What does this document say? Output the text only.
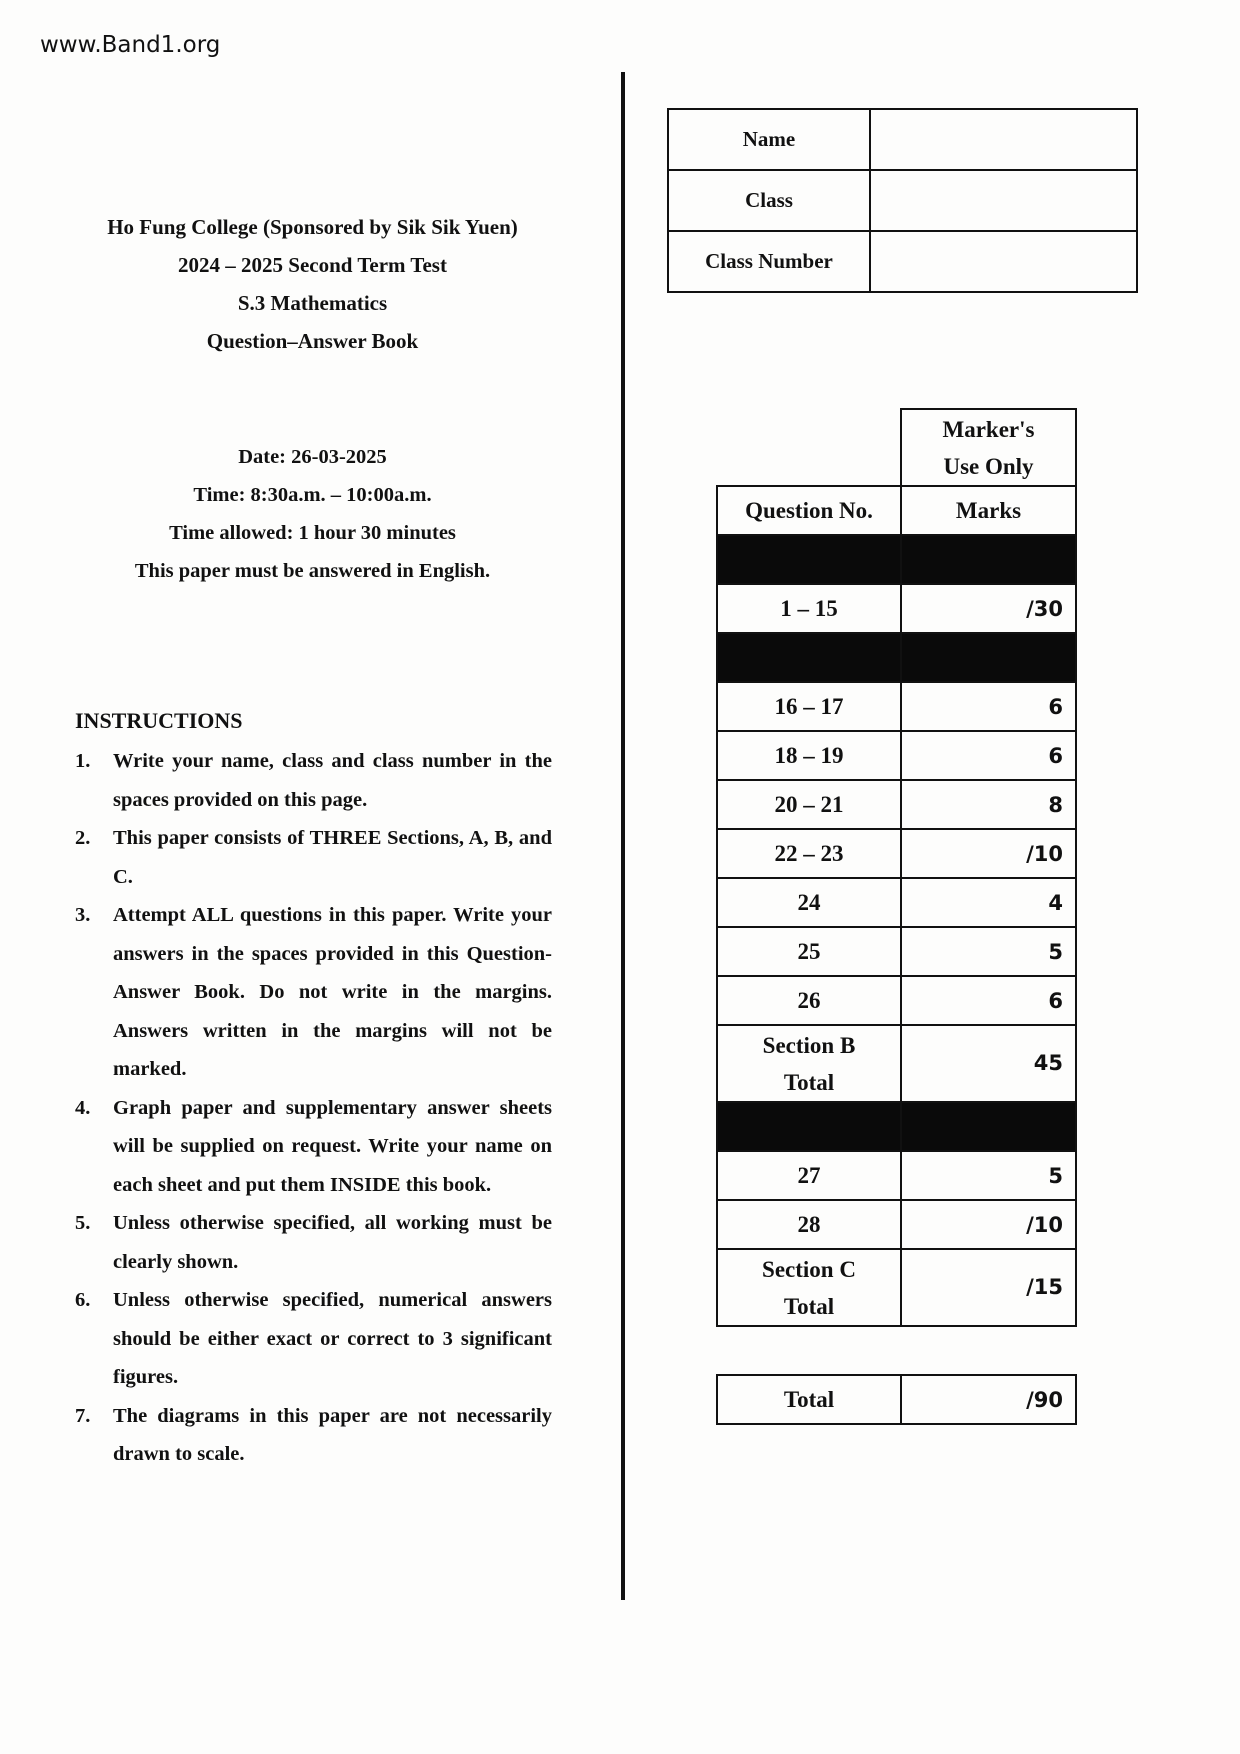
www.Band1.org
Ho Fung College (Sponsored by Sik Sik Yuen)
2024 – 2025 Second Term Test
S.3 Mathematics
Question–Answer Book
Date: 26-03-2025
Time: 8:30a.m. – 10:00a.m.
Time allowed: 1 hour 30 minutes
This paper must be answered in English.
INSTRUCTIONS
1.	Write your name, class and class number in the spaces provided on this page.
2.	This paper consists of THREE Sections, A, B, and C.
3.	Attempt ALL questions in this paper. Write your answers in the spaces provided in this Question-Answer Book. Do not write in the margins. Answers written in the margins will not be marked.
4.	Graph paper and supplementary answer sheets will be supplied on request. Write your name on each sheet and put them INSIDE this book.
5.	Unless otherwise specified, all working must be clearly shown.
6.	Unless otherwise specified, numerical answers should be either exact or correct to 3 significant figures.
7.	The diagrams in this paper are not necessarily drawn to scale.
Name	
Class	
Class Number	
	Marker's Use Only
Question No.	Marks

1 – 15	/30

16 – 17	6
18 – 19	6
20 – 21	8
22 – 23	/10
24	4
25	5
26	6
Section B
Total	45

27	5
28	/10
Section C
Total	/15
Total	/90
